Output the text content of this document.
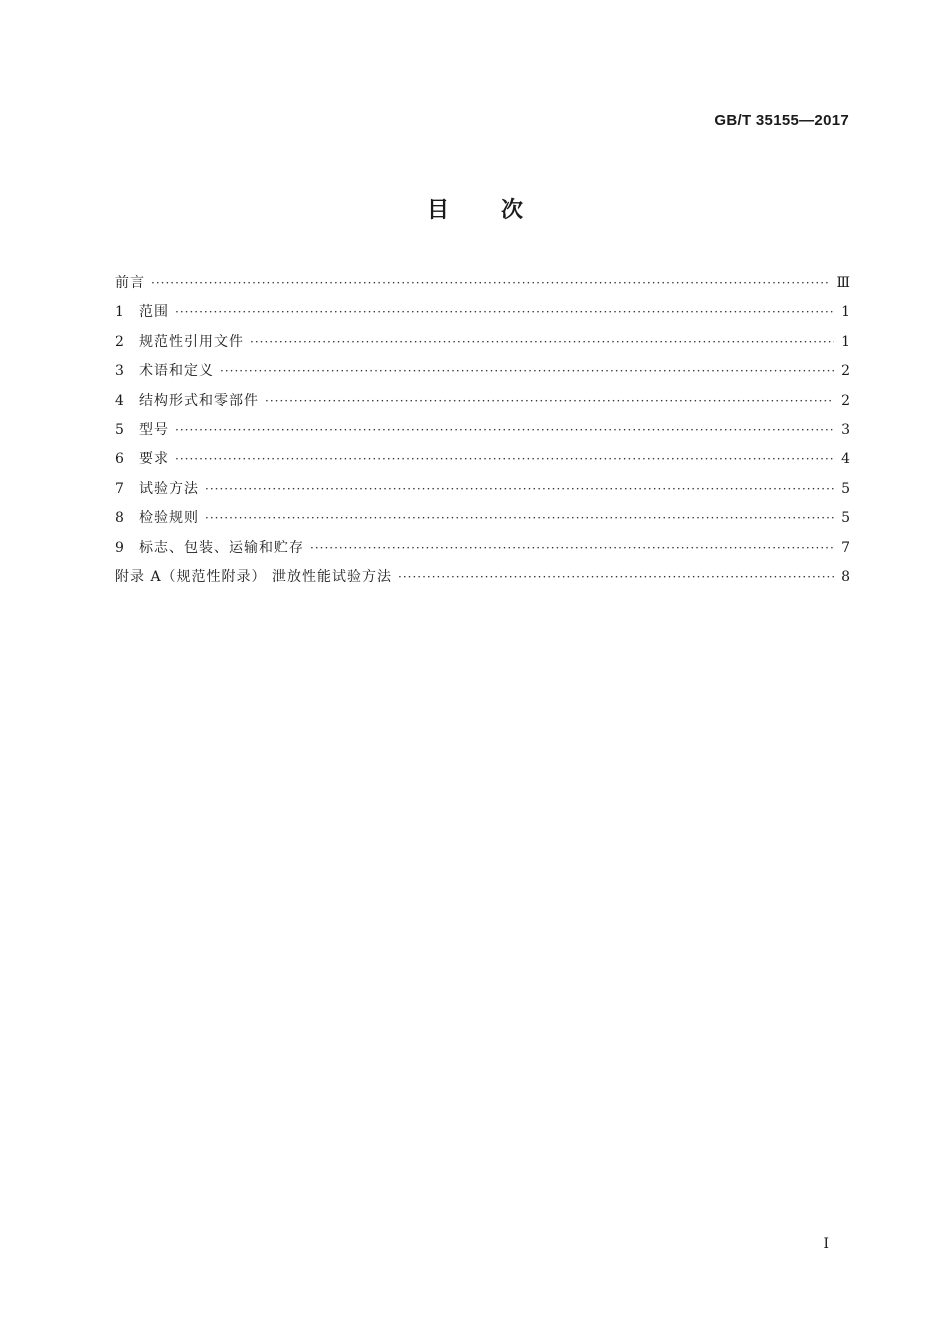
GB/T 35155—2017
目次
前言 ·····	Ⅲ
1	范围 ·····	1
2	规范性引用文件 ·····	1
3	术语和定义 ·····	2
4	结构形式和零部件 ·····	2
5	型号 ·····	3
6	要求 ·····	4
7	试验方法 ·····	5
8	检验规则 ·····	5
9	标志、包装、运输和贮存 ·····	7
附录 A（规范性附录） 泄放性能试验方法 ·····	8
I
